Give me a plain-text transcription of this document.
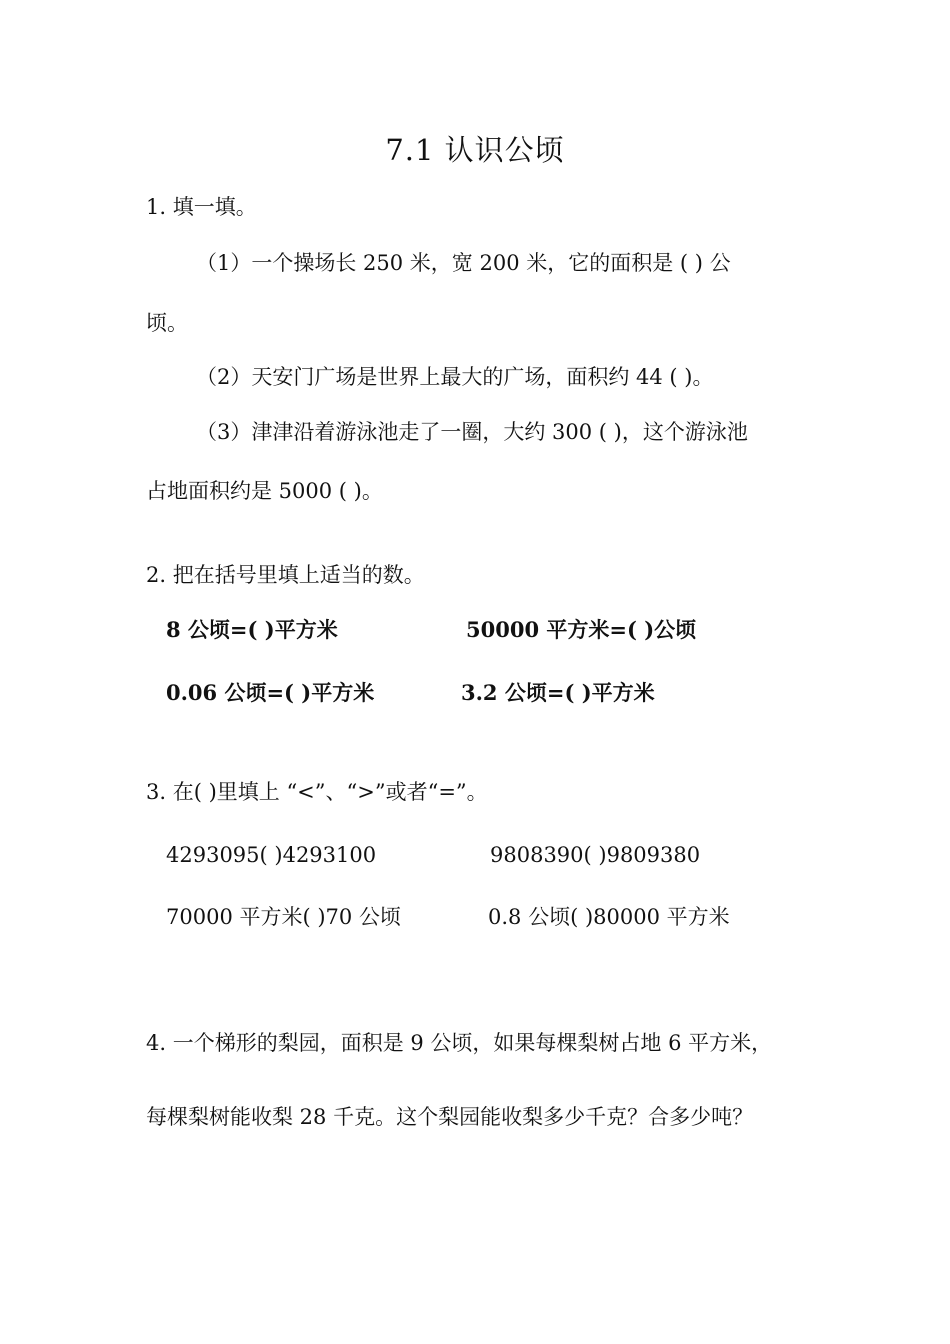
7.1 认识公顷
1. 填一填。
（1）一个操场长 250 米，宽 200 米，它的面积是 ( ) 公
顷。
（2）天安门广场是世界上最大的广场，面积约 44 ( )。
（3）津津沿着游泳池走了一圈，大约 300 ( )，这个游泳池
占地面积约是 5000 ( )。
2. 把在括号里填上适当的数。
8 公顷=( )平方米	50000 平方米=( )公顷
0.06 公顷=( )平方米	3.2 公顷=( )平方米
3. 在( )里填上 “<”、“>”或者“=”。
4293095( )4293100	9808390( )9809380
70000 平方米( )70 公顷	0.8 公顷( )80000 平方米
4. 一个梯形的梨园，面积是 9 公顷，如果每棵梨树占地 6 平方米，
每棵梨树能收梨 28 千克。这个梨园能收梨多少千克？合多少吨？
